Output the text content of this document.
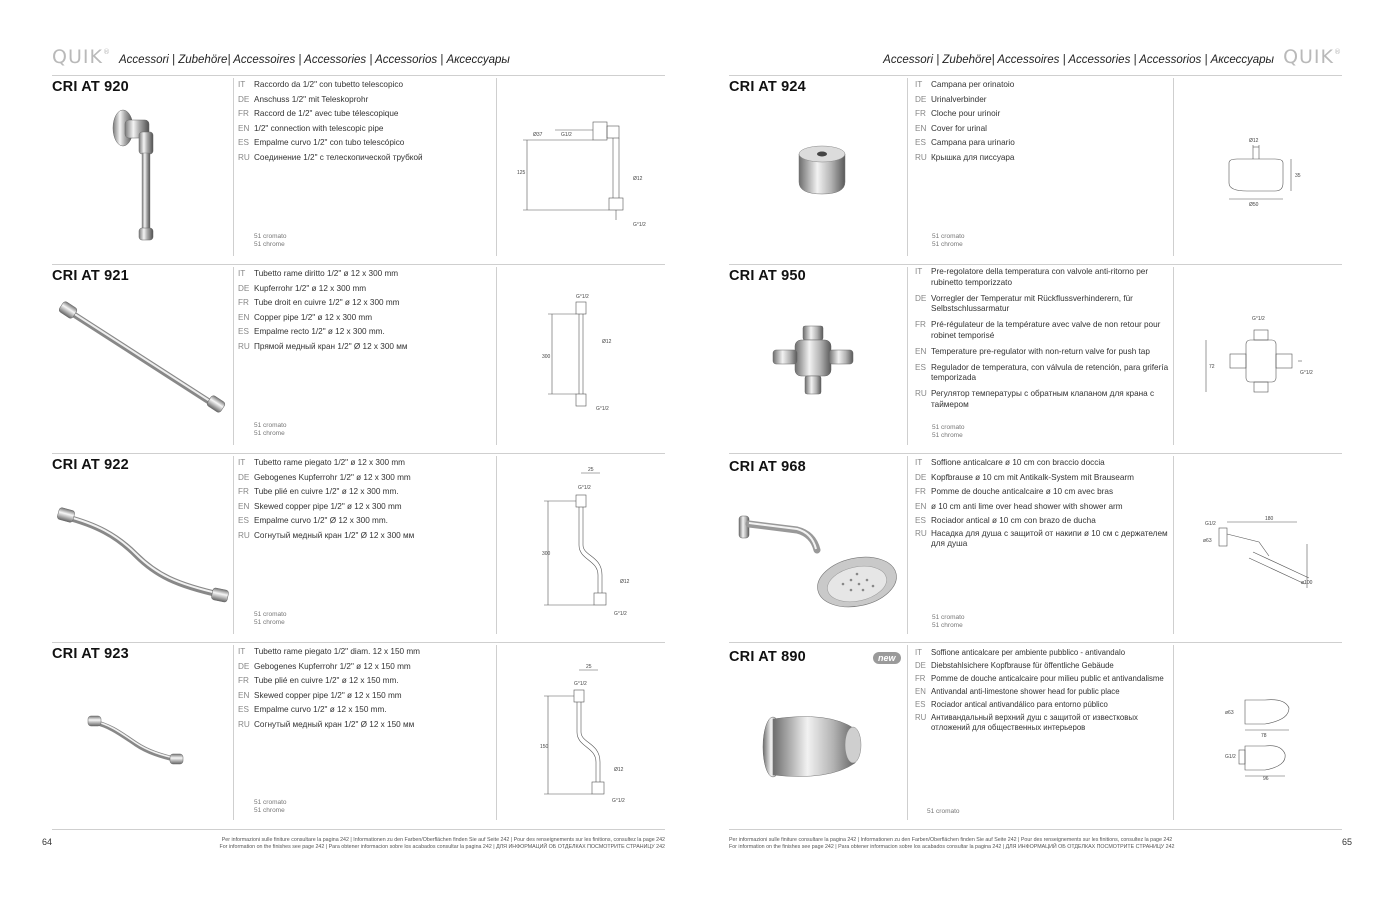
QUIK®
Accessori | Zubehöre| Accessoires | Accessories | Accessorios | Аксессуары
CRI AT 920	IT	Raccordo da 1/2" con tubetto telescopico
DE Anschuss 1/2" mit Teleskoprohr
FR Raccord de 1/2" avec tube télescopique
EN 1/2" connection with telescopic pipe
ES Empalme curvo 1/2" con tubo telescópico
RU Соединение 1/2" с телескопической трубкой
51 cromato
51 chrome
Ø37	G1/2
125
Ø12
G°1/2
CRI AT 921	IT	Tubetto rame diritto 1/2" ø 12 x 300 mm
DE Kupferrohr 1/2" ø 12 x 300 mm
FR Tube droit en cuivre 1/2" ø 12 x 300 mm
EN Copper pipe 1/2" ø 12 x 300 mm
ES Empalme recto 1/2" ø 12 x 300 mm.
RU Прямой медный кран 1/2" Ø 12 x 300 мм
51 cromato
51 chrome
G°1/2
Ø12
300
G°1/2
CRI AT 922	IT	Tubetto rame piegato 1/2" ø 12 x 300 mm
DE Gebogenes Kupferrohr 1/2" ø 12 x 300 mm
FR Tube plié en cuivre 1/2" ø 12 x 300 mm.
EN Skewed copper pipe 1/2" ø 12 x 300 mm
ES Empalme curvo 1/2" Ø 12 x 300 mm.
RU Согнутый медный кран 1/2" Ø 12 x 300 мм
51 cromato
51 chrome
25
G°1/2
300
Ø12
G°1/2
CRI AT 923	IT	Tubetto rame piegato 1/2" diam. 12 x 150 mm
DE Gebogenes Kupferrohr 1/2" ø 12 x 150 mm
FR Tube plié en cuivre 1/2" ø 12 x 150 mm.
EN Skewed copper pipe 1/2" ø 12 x 150 mm
ES Empalme curvo 1/2" ø 12 x 150 mm.
RU Согнутый медный кран 1/2" Ø 12 x 150 мм
51 cromato
51 chrome
25
G°1/2
150
Ø12
G°1/2
64	Per informazioni sulle finiture consultare la pagina 242 | Informationen zu den Farben/Oberflächen finden Sie auf Seite 242 | Pour des renseignements sur les finitions, consultez la page 242
For information on the finishes see page 242 | Para obtener informacion sobre los acabados consultar la pagina 242 | ДЛЯ ИНФОРМАЦИЙ ОБ ОТДЕЛКАХ ПОСМОТРИТЕ СТРАНИЦУ 242
Accessori | Zubehöre| Accessoires | Accessories | Accessorios | Аксессуары QUIK®
CRI AT 924	IT	Campana per orinatoio
DE Urinalverbinder
FR Cloche pour urinoir
EN Cover for urinal
ES Campana para urinario
RU Крышка для писсуара
51 cromato
51 chrome
Ø12
35
Ø50
CRI AT 950	IT	Pre-regolatore della temperatura con valvole anti-ritorno per rubinetto temporizzato
DE Vorregler der Temperatur mit Rückflussverhinderern, für Selbstschlussarmatur
FR Pré-régulateur de la température avec valve de non retour pour robinet temporisé
EN Temperature pre-regulator with non-return valve for push tap
ES Regulador de temperatura, con válvula de retención, para grifería temporizada
RU Регулятор температуры с обратным клапаном для крана с таймером
51 cromato
51 chrome
G°1/2
72
G°1/2
CRI AT 968	IT	Soffione anticalcare ø 10 cm con braccio doccia
DE Kopfbrause ø 10 cm mit Antikalk-System mit Brausearm
FR Pomme de douche anticalcaire ø 10 cm avec bras
EN ø 10 cm anti lime over head shower with shower arm
ES Rociador antical ø 10 cm con brazo de ducha
RU Насадка для душа с защитой от накипи ø 10 см с держателем для душа
51 cromato
51 chrome
180
G1/2
ø63
ø100
CRI AT 890	new
IT	Soffione anticalcare per ambiente pubblico - antivandalo
DE Diebstahlsichere Kopfbrause für öffentliche Gebäude
FR Pomme de douche anticalcaire pour milieu public et antivandalisme
EN Antivandal anti-limestone shower head for public place
ES Rociador antical antivandálico para entorno público
RU Антивандальный верхний душ с защитой от известковых отложений для общественных интерьеров
51 cromato
ø63
78
G1/2
96
Per informazioni sulle finiture consultare la pagina 242 | Informationen zu den Farben/Oberflächen finden Sie auf Seite 242 | Pour des renseignements sur les finitions, consultez la page 242
For information on the finishes see page 242 | Para obtener informacion sobre los acabados consultar la pagina 242 | ДЛЯ ИНФОРМАЦИЙ ОБ ОТДЕЛКАХ ПОСМОТРИТЕ СТРАНИЦУ 242	65
